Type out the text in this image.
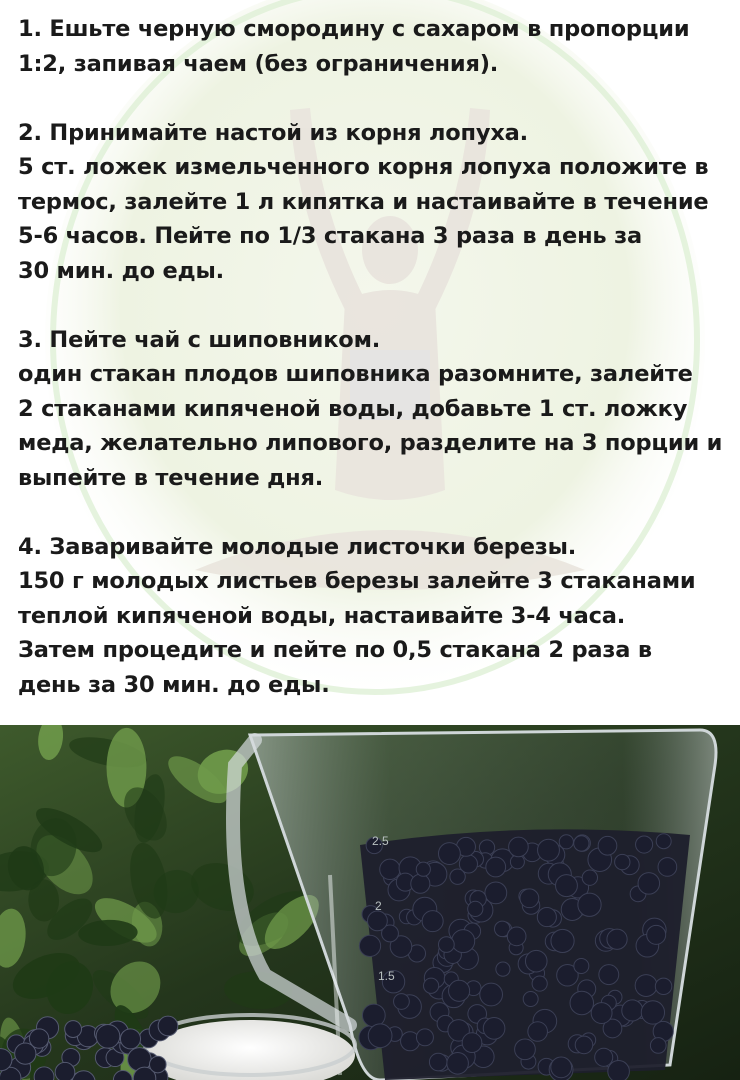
1. Ешьте черную смородину с сахаром в пропорции
1:2, запивая чаем (без ограничения).
2. Принимайте настой из корня лопуха.
5 ст. ложек измельченного корня лопуха положите в
термос, залейте 1 л кипятка и настаивайте в течение
5-6 часов. Пейте по 1/3 стакана 3 раза в день за
30 мин. до еды.
3. Пейте чай с шиповником.
один стакан плодов шиповника разомните, залейте
2 стаканами кипяченой воды, добавьте 1 ст. ложку
меда, желательно липового, разделите на 3 порции и
выпейте в течение дня.
4. Заваривайте молодые листочки березы.
150 г молодых листьев березы залейте 3 стаканами
теплой кипяченой воды, настаивайте 3-4 часа.
Затем процедите и пейте по 0,5 стакана 2 раза в
день за 30 мин. до еды.
2.5
2
1.5
